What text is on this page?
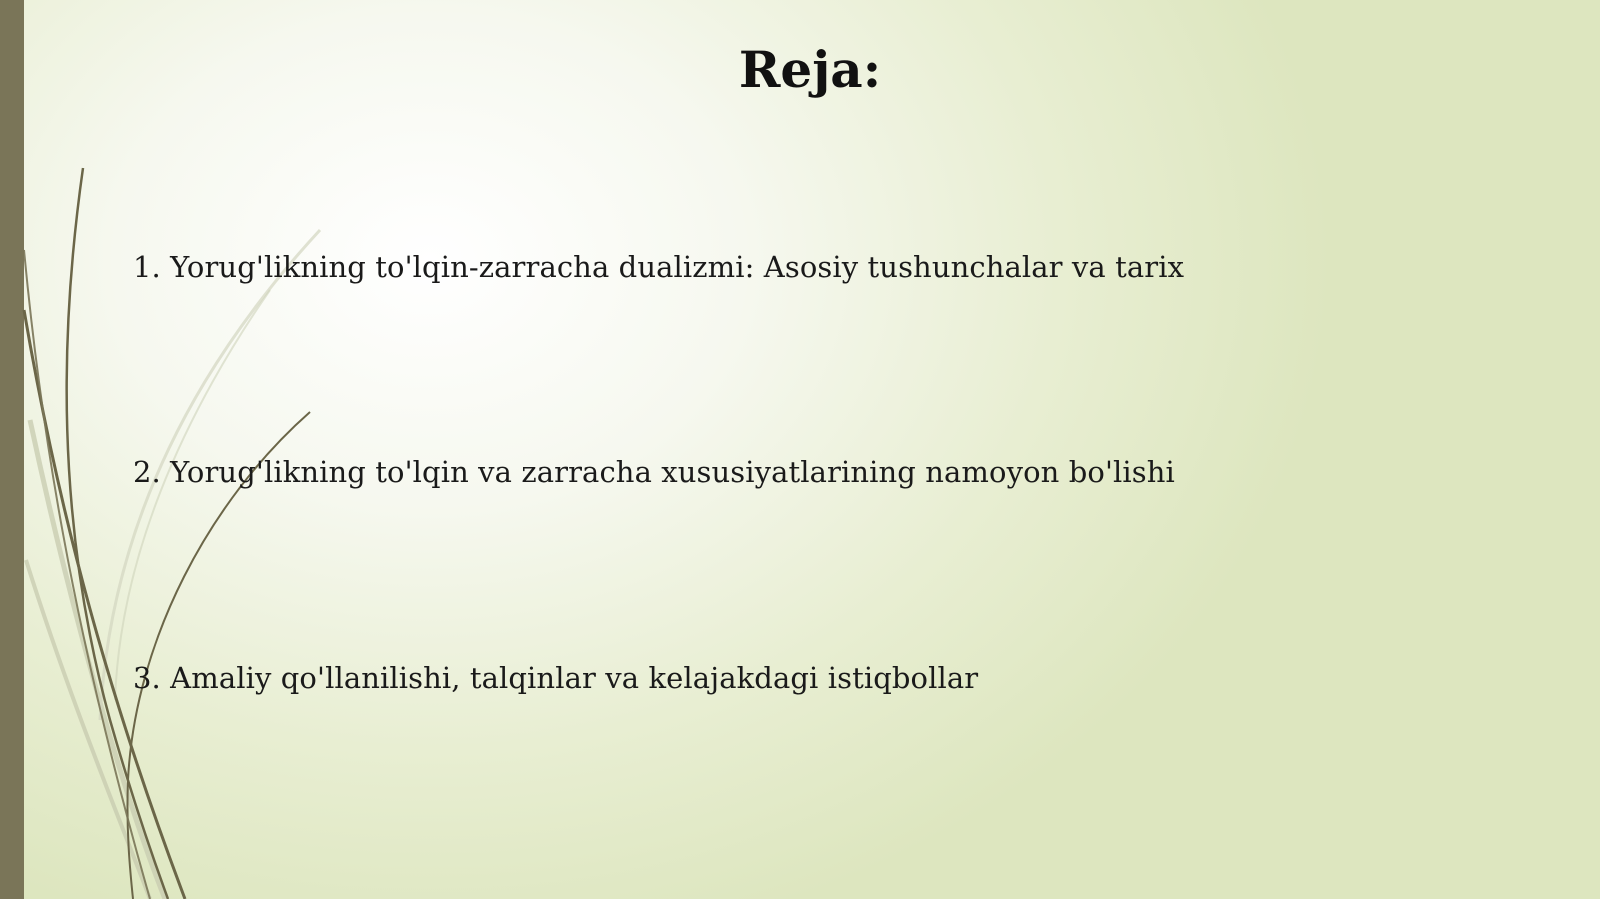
Reja:

1. Yorug'likning to'lqin-zarracha dualizmi: Asosiy tushunchalar va tarix

2. Yorug'likning to'lqin va zarracha xususiyatlarining namoyon bo'lishi

3. Amaliy qo'llanilishi, talqinlar va kelajakdagi istiqbollar
